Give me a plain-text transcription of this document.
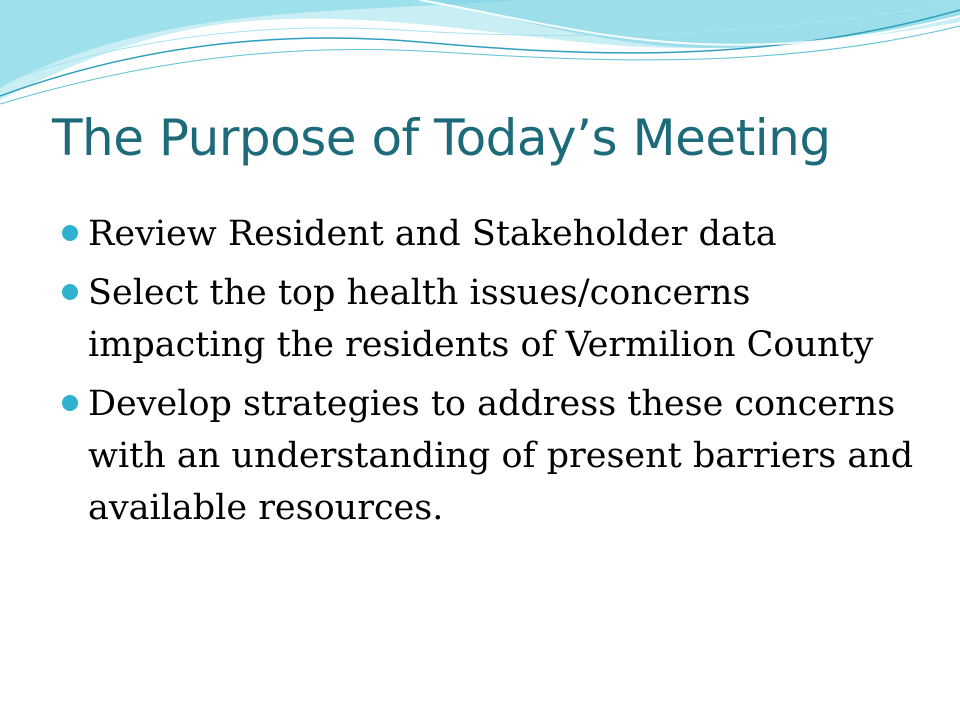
The Purpose of Today’s Meeting
Review Resident and Stakeholder data
Select the top health issues/concerns impacting the residents of Vermilion County
Develop strategies to address these concerns with an understanding of present barriers and available resources.
